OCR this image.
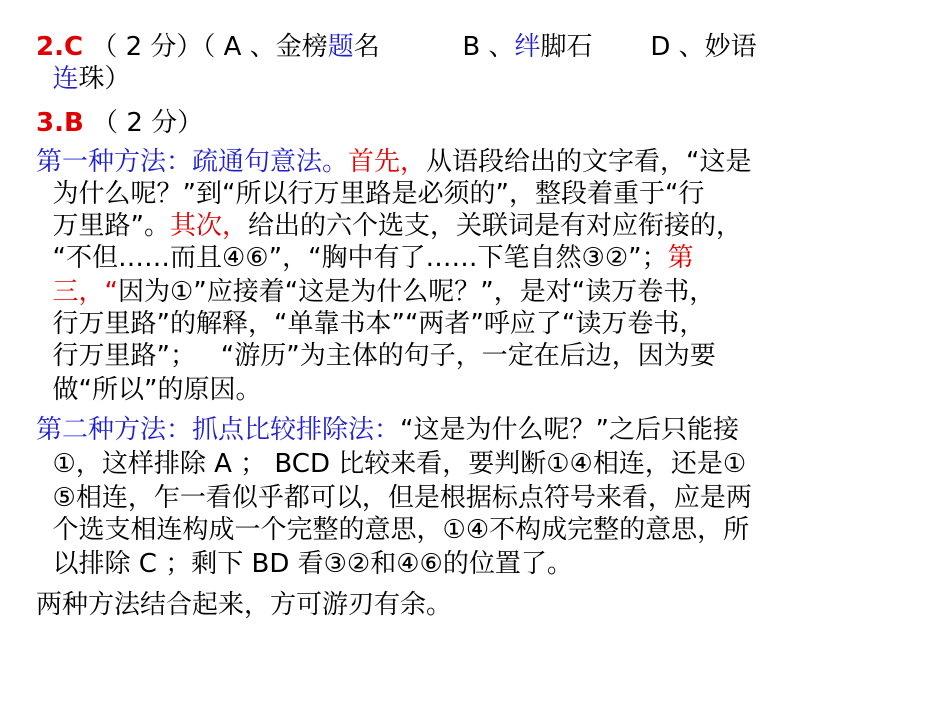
2.C （ 2 分）（ A 、金榜题名          B 、绊脚石       D 、妙语

连珠）

3.B （ 2 分）

第一种方法：疏通句意法。首先，从语段给出的文字看，“这是

为什么呢？”到“所以行万里路是必须的”，整段着重于“行

万里路”。其次，给出的六个选支，关联词是有对应衔接的，

“不但……而且④⑥”，“胸中有了……下笔自然③②”；第

三，“因为①”应接着“这是为什么呢？”，是对“读万卷书，

行万里路”的解释，“单靠书本”“两者”呼应了“读万卷书，

行万里路”；   “游历”为主体的句子，一定在后边，因为要

做“所以”的原因。

第二种方法：抓点比较排除法：“这是为什么呢？”之后只能接

①，这样排除 A ； BCD 比较来看，要判断①④相连，还是①

⑤相连，乍一看似乎都可以，但是根据标点符号来看，应是两

个选支相连构成一个完整的意思，①④不构成完整的意思，所

以排除 C ；剩下 BD 看③②和④⑥的位置了。

两种方法结合起来，方可游刃有余。
